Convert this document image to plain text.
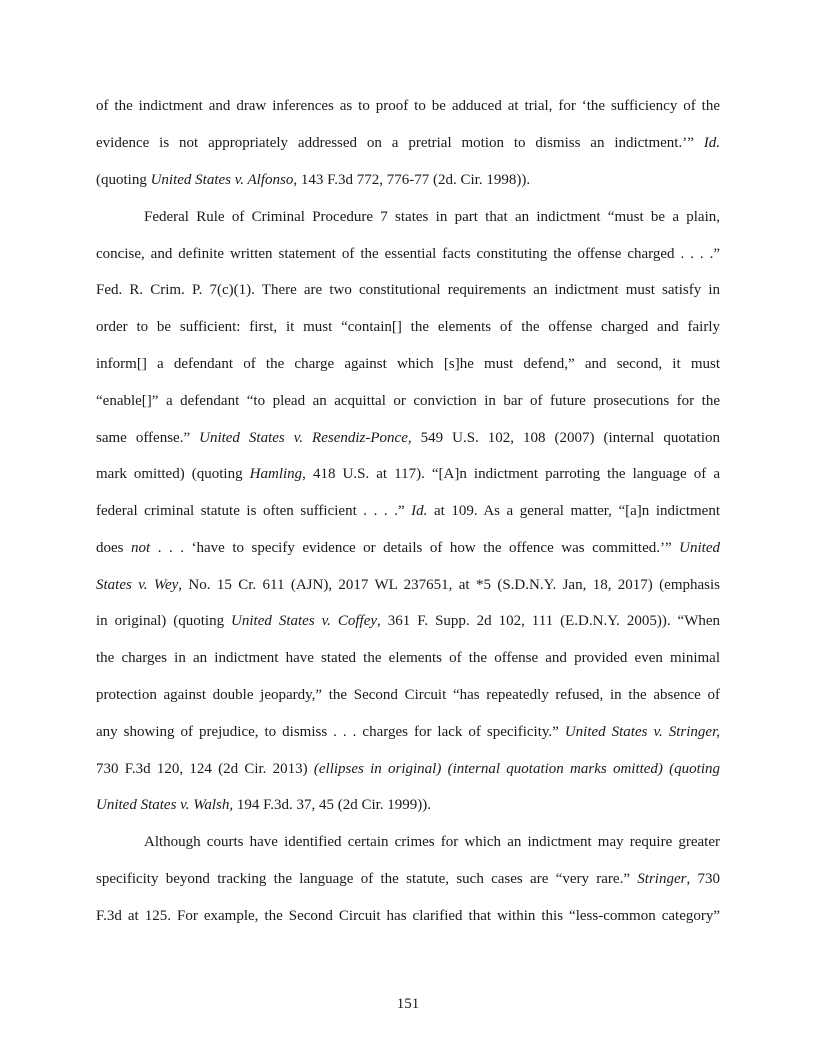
of the indictment and draw inferences as to proof to be adduced at trial, for ‘the sufficiency of the
evidence is not appropriately addressed on a pretrial motion to dismiss an indictment.’” Id.
(quoting United States v. Alfonso, 143 F.3d 772, 776-77 (2d. Cir. 1998)).
Federal Rule of Criminal Procedure 7 states in part that an indictment “must be a plain,
concise, and definite written statement of the essential facts constituting the offense charged . . . .”
Fed. R. Crim. P. 7(c)(1). There are two constitutional requirements an indictment must satisfy in
order to be sufficient: first, it must “contain[] the elements of the offense charged and fairly
inform[] a defendant of the charge against which [s]he must defend,” and second, it must
“enable[]” a defendant “to plead an acquittal or conviction in bar of future prosecutions for the
same offense.” United States v. Resendiz-Ponce, 549 U.S. 102, 108 (2007) (internal quotation
mark omitted) (quoting Hamling, 418 U.S. at 117). “[A]n indictment parroting the language of a
federal criminal statute is often sufficient . . . .” Id. at 109. As a general matter, “[a]n indictment
does not . . . ‘have to specify evidence or details of how the offence was committed.’” United
States v. Wey, No. 15 Cr. 611 (AJN), 2017 WL 237651, at *5 (S.D.N.Y. Jan, 18, 2017) (emphasis
in original) (quoting United States v. Coffey, 361 F. Supp. 2d 102, 111 (E.D.N.Y. 2005)). “When
the charges in an indictment have stated the elements of the offense and provided even minimal
protection against double jeopardy,” the Second Circuit “has repeatedly refused, in the absence of
any showing of prejudice, to dismiss . . . charges for lack of specificity.” United States v. Stringer,
730 F.3d 120, 124 (2d Cir. 2013) (ellipses in original) (internal quotation marks omitted) (quoting
United States v. Walsh, 194 F.3d. 37, 45 (2d Cir. 1999)).
Although courts have identified certain crimes for which an indictment may require greater
specificity beyond tracking the language of the statute, such cases are “very rare.” Stringer, 730
F.3d at 125. For example, the Second Circuit has clarified that within this “less-common category”
151
